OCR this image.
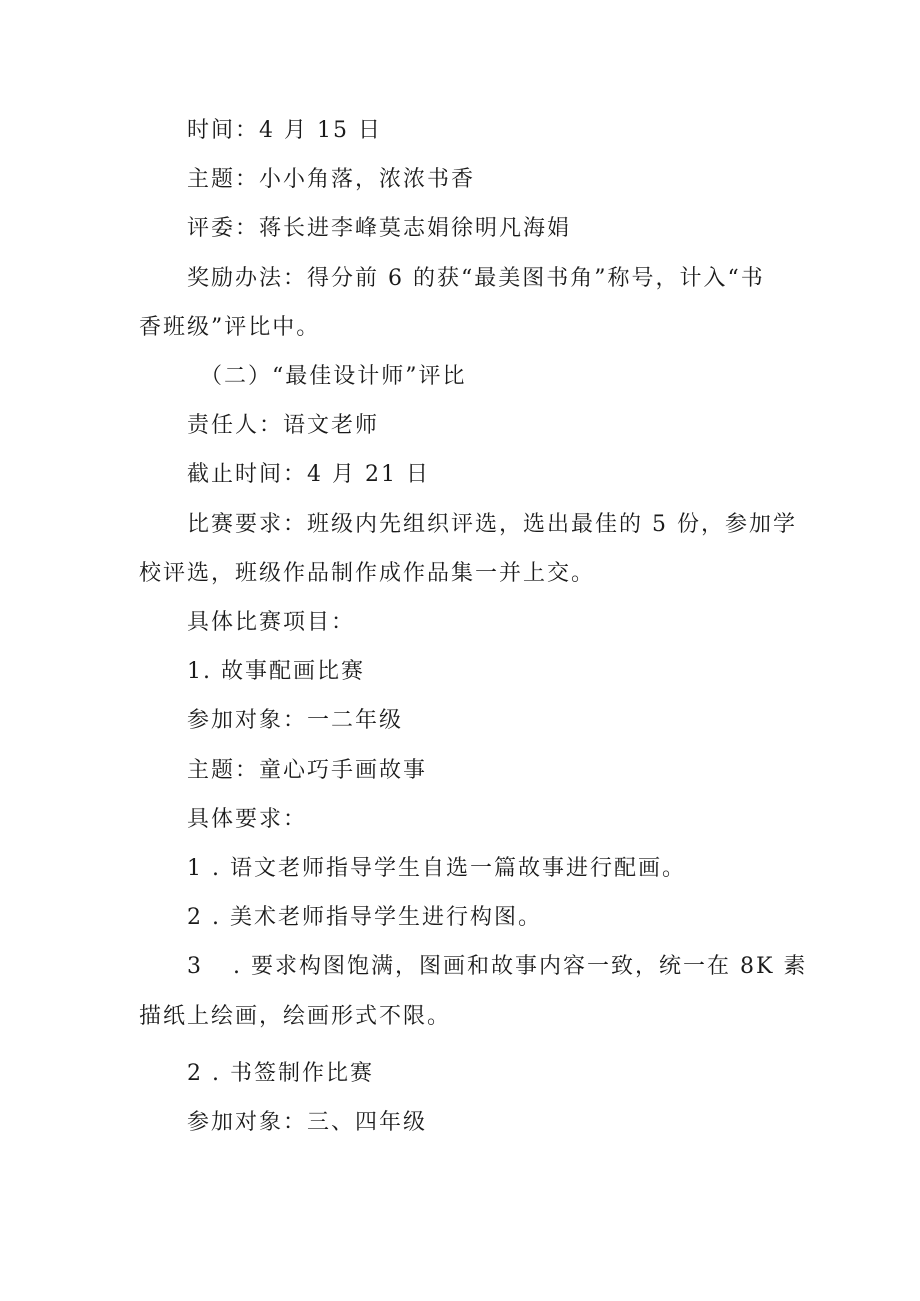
时间：4 月 15 日
主题：小小角落，浓浓书香
评委：蒋长进李峰莫志娟徐明凡海娟
奖励办法：得分前 6 的获“最美图书角”称号，计入“书
香班级”评比中。
（二）“最佳设计师”评比
责任人：语文老师
截止时间：4 月 21 日
比赛要求：班级内先组织评选，选出最佳的 5 份，参加学
校评选，班级作品制作成作品集一并上交。
具体比赛项目：
1. 故事配画比赛
参加对象：一二年级
主题：童心巧手画故事
具体要求：
1 . 语文老师指导学生自选一篇故事进行配画。
2 . 美术老师指导学生进行构图。
3 . 要求构图饱满，图画和故事内容一致，统一在 8K 素
描纸上绘画，绘画形式不限。
2 . 书签制作比赛
参加对象：三、四年级
